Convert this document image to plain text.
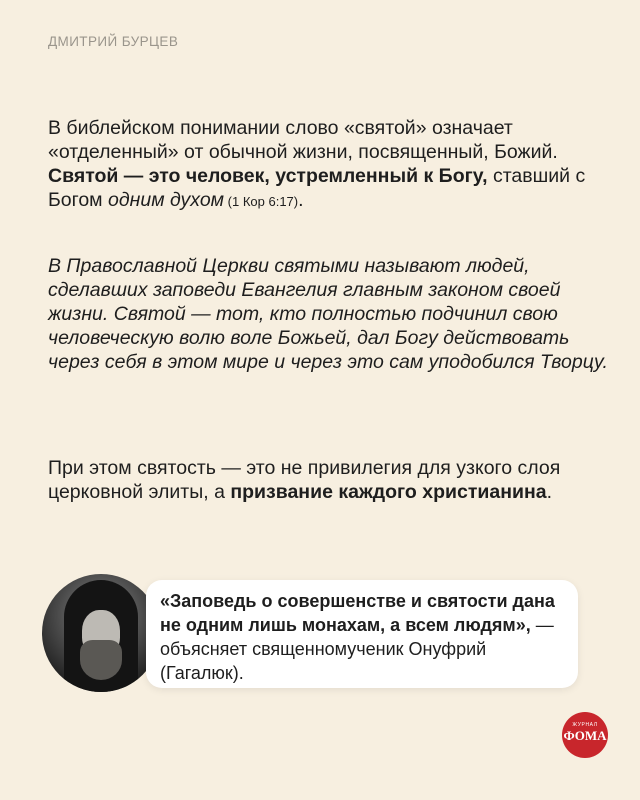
ДМИТРИЙ БУРЦЕВ

В библейском понимании слово «святой» означает «отделенный» от обычной жизни, посвященный, Божий. Святой — это человек, устремленный к Богу, ставший с Богом одним духом (1 Кор 6:17).

В Православной Церкви святыми называют людей, сделавших заповеди Евангелия главным законом своей жизни. Святой — тот, кто полностью подчинил свою человеческую волю воле Божьей, дал Богу действовать через себя в этом мире и через это сам уподобился Творцу.

При этом святость — это не привилегия для узкого слоя церковной элиты, а призвание каждого христианина.

«Заповедь о совершенстве и святости дана не одним лишь монахам, а всем людям», — объясняет священномученик Онуфрий (Гагалюк).
ЖУРНАЛ
ФОМА
